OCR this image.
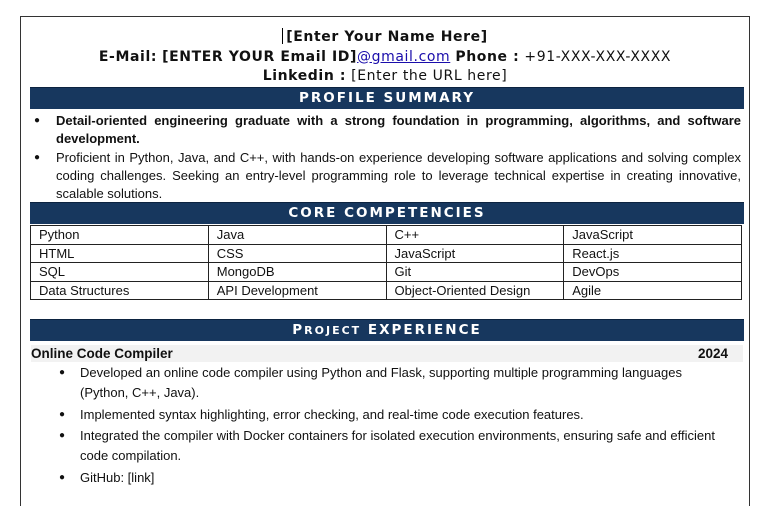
[Enter Your Name Here]
E-Mail: [ENTER YOUR Email ID]@gmail.com Phone : +91-XXX-XXX-XXXX
Linkedin : [Enter the URL here]
PROFILE SUMMARY
● Detail-oriented engineering graduate with a strong foundation in programming, algorithms, and software development.
● Proficient in Python, Java, and C++, with hands-on experience developing software applications and solving complex coding challenges. Seeking an entry-level programming role to leverage technical expertise in creating innovative, scalable solutions.
CORE COMPETENCIES
Python	Java	C++	JavaScript
HTML	CSS	JavaScript	React.js
SQL	MongoDB	Git	DevOps
Data Structures	API Development	Object-Oriented Design	Agile
PROJECT EXPERIENCE
Online Code Compiler	2024
● Developed an online code compiler using Python and Flask, supporting multiple programming languages (Python, C++, Java).
● Implemented syntax highlighting, error checking, and real-time code execution features.
● Integrated the compiler with Docker containers for isolated execution environments, ensuring safe and efficient code compilation.
● GitHub: [link]
